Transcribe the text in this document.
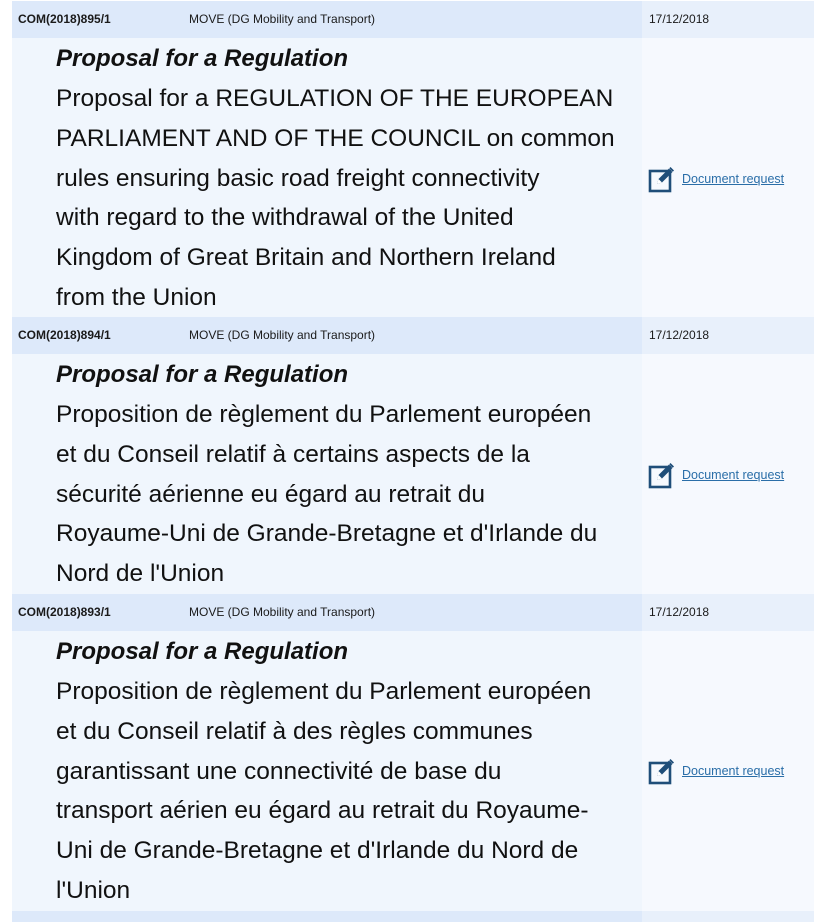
COM(2018)895/1	MOVE (DG Mobility and Transport)	17/12/2018
Proposal for a Regulation
Proposal for a REGULATION OF THE EUROPEAN
PARLIAMENT AND OF THE COUNCIL on common
rules ensuring basic road freight connectivity
with regard to the withdrawal of the United
Kingdom of Great Britain and Northern Ireland
from the Union
Document request
COM(2018)894/1	MOVE (DG Mobility and Transport)	17/12/2018
Proposal for a Regulation
Proposition de règlement du Parlement européen
et du Conseil relatif à certains aspects de la
sécurité aérienne eu égard au retrait du
Royaume-Uni de Grande-Bretagne et d'Irlande du
Nord de l'Union
Document request
COM(2018)893/1	MOVE (DG Mobility and Transport)	17/12/2018
Proposal for a Regulation
Proposition de règlement du Parlement européen
et du Conseil relatif à des règles communes
garantissant une connectivité de base du
transport aérien eu égard au retrait du Royaume-
Uni de Grande-Bretagne et d'Irlande du Nord de
l'Union
Document request
